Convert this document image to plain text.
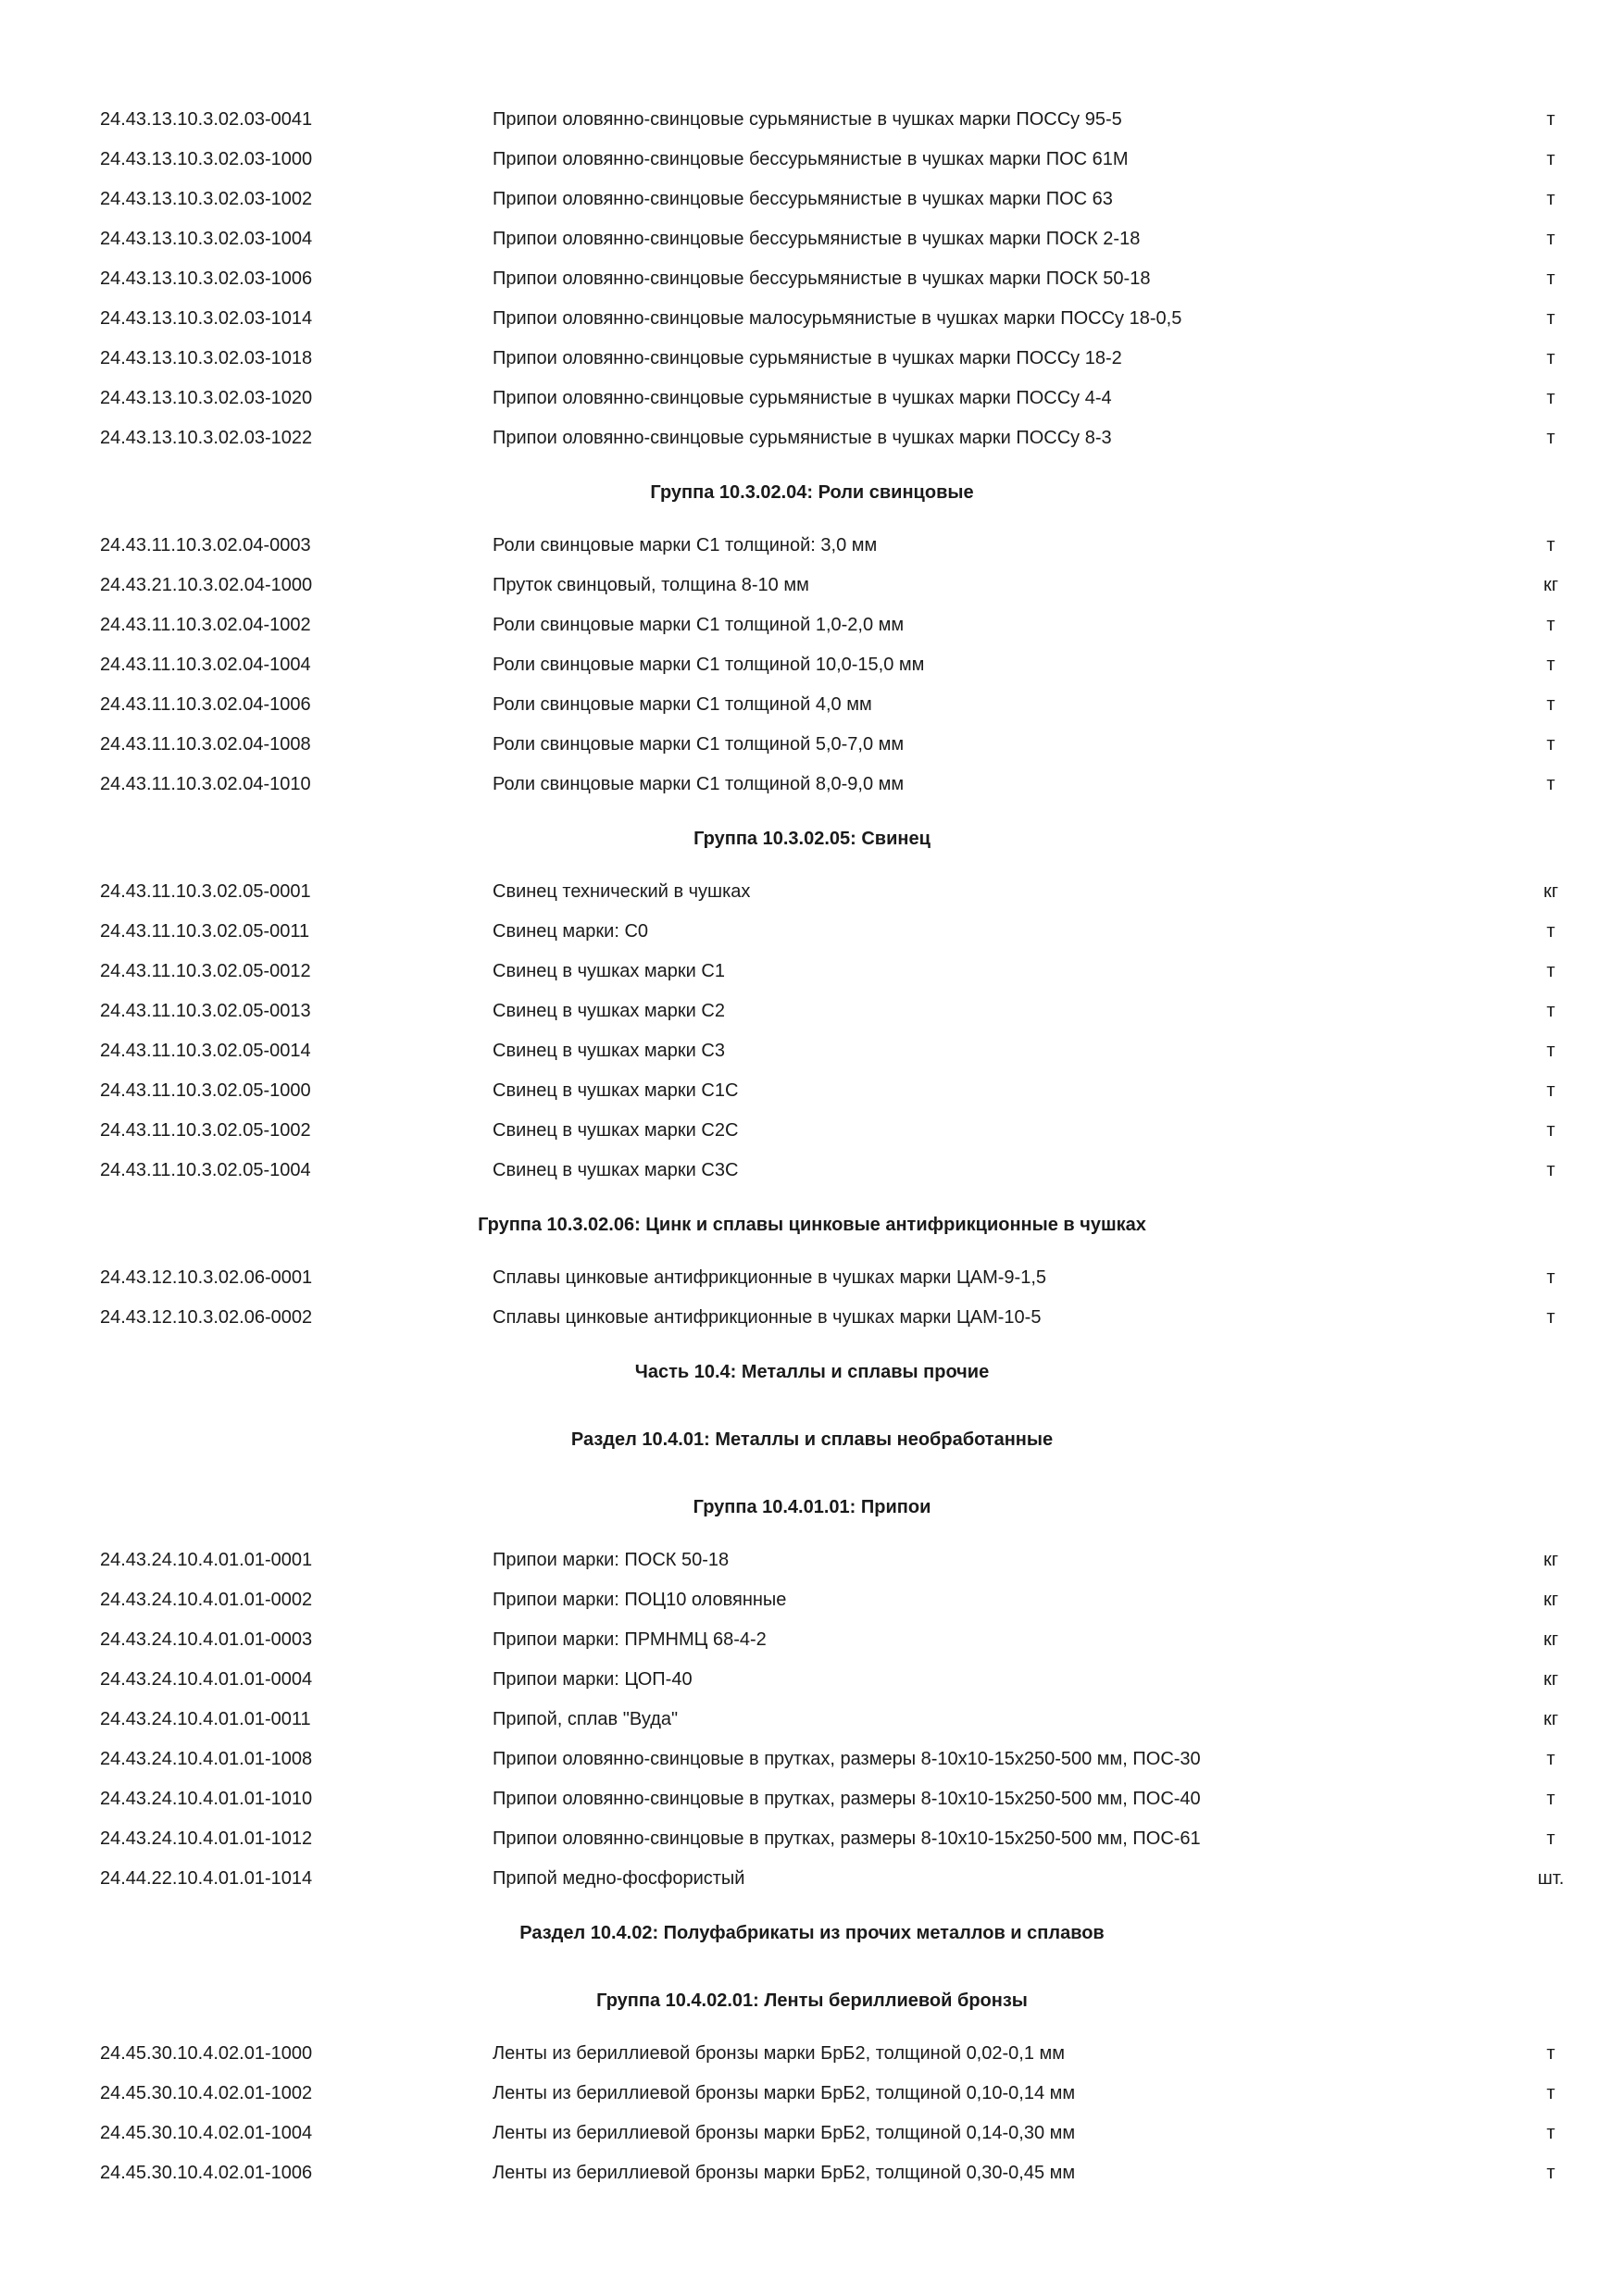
24.43.13.10.3.02.03-0041	Припои оловянно-свинцовые сурьмянистые в чушках марки ПОССу 95-5	т
24.43.13.10.3.02.03-1000	Припои оловянно-свинцовые бессурьмянистые в чушках марки ПОС 61М	т
24.43.13.10.3.02.03-1002	Припои оловянно-свинцовые бессурьмянистые в чушках марки ПОС 63	т
24.43.13.10.3.02.03-1004	Припои оловянно-свинцовые бессурьмянистые в чушках марки ПОСК 2-18	т
24.43.13.10.3.02.03-1006	Припои оловянно-свинцовые бессурьмянистые в чушках марки ПОСК 50-18	т
24.43.13.10.3.02.03-1014	Припои оловянно-свинцовые малосурьмянистые в чушках марки ПОССу 18-0,5	т
24.43.13.10.3.02.03-1018	Припои оловянно-свинцовые сурьмянистые в чушках марки ПОССу 18-2	т
24.43.13.10.3.02.03-1020	Припои оловянно-свинцовые сурьмянистые в чушках марки ПОССу 4-4	т
24.43.13.10.3.02.03-1022	Припои оловянно-свинцовые сурьмянистые в чушках марки ПОССу 8-3	т
Группа 10.3.02.04: Роли свинцовые
24.43.11.10.3.02.04-0003	Роли свинцовые марки С1 толщиной: 3,0 мм	т
24.43.21.10.3.02.04-1000	Пруток свинцовый, толщина 8-10 мм	кг
24.43.11.10.3.02.04-1002	Роли свинцовые марки С1 толщиной 1,0-2,0 мм	т
24.43.11.10.3.02.04-1004	Роли свинцовые марки С1 толщиной 10,0-15,0 мм	т
24.43.11.10.3.02.04-1006	Роли свинцовые марки С1 толщиной 4,0 мм	т
24.43.11.10.3.02.04-1008	Роли свинцовые марки С1 толщиной 5,0-7,0 мм	т
24.43.11.10.3.02.04-1010	Роли свинцовые марки С1 толщиной 8,0-9,0 мм	т
Группа 10.3.02.05: Свинец
24.43.11.10.3.02.05-0001	Свинец технический в чушках	кг
24.43.11.10.3.02.05-0011	Свинец марки: С0	т
24.43.11.10.3.02.05-0012	Свинец в чушках марки С1	т
24.43.11.10.3.02.05-0013	Свинец в чушках марки С2	т
24.43.11.10.3.02.05-0014	Свинец в чушках марки С3	т
24.43.11.10.3.02.05-1000	Свинец в чушках марки С1С	т
24.43.11.10.3.02.05-1002	Свинец в чушках марки С2С	т
24.43.11.10.3.02.05-1004	Свинец в чушках марки С3С	т
Группа 10.3.02.06: Цинк и сплавы цинковые антифрикционные в чушках
24.43.12.10.3.02.06-0001	Сплавы цинковые антифрикционные в чушках марки ЦАМ-9-1,5	т
24.43.12.10.3.02.06-0002	Сплавы цинковые антифрикционные в чушках марки ЦАМ-10-5	т
Часть 10.4: Металлы и сплавы прочие
Раздел 10.4.01: Металлы и сплавы необработанные
Группа 10.4.01.01: Припои
24.43.24.10.4.01.01-0001	Припои марки: ПОСК 50-18	кг
24.43.24.10.4.01.01-0002	Припои марки: ПОЦ10 оловянные	кг
24.43.24.10.4.01.01-0003	Припои марки: ПРМНМЦ 68-4-2	кг
24.43.24.10.4.01.01-0004	Припои марки: ЦОП-40	кг
24.43.24.10.4.01.01-0011	Припой, сплав "Вуда"	кг
24.43.24.10.4.01.01-1008	Припои оловянно-свинцовые в прутках, размеры 8-10х10-15х250-500 мм, ПОС-30	т
24.43.24.10.4.01.01-1010	Припои оловянно-свинцовые в прутках, размеры 8-10х10-15х250-500 мм, ПОС-40	т
24.43.24.10.4.01.01-1012	Припои оловянно-свинцовые в прутках, размеры 8-10х10-15х250-500 мм, ПОС-61	т
24.44.22.10.4.01.01-1014	Припой медно-фосфористый	шт.
Раздел 10.4.02: Полуфабрикаты из прочих металлов и сплавов
Группа 10.4.02.01: Ленты бериллиевой бронзы
24.45.30.10.4.02.01-1000	Ленты из бериллиевой бронзы марки БрБ2, толщиной 0,02-0,1 мм	т
24.45.30.10.4.02.01-1002	Ленты из бериллиевой бронзы марки БрБ2, толщиной 0,10-0,14 мм	т
24.45.30.10.4.02.01-1004	Ленты из бериллиевой бронзы марки БрБ2, толщиной 0,14-0,30 мм	т
24.45.30.10.4.02.01-1006	Ленты из бериллиевой бронзы марки БрБ2, толщиной 0,30-0,45 мм	т
